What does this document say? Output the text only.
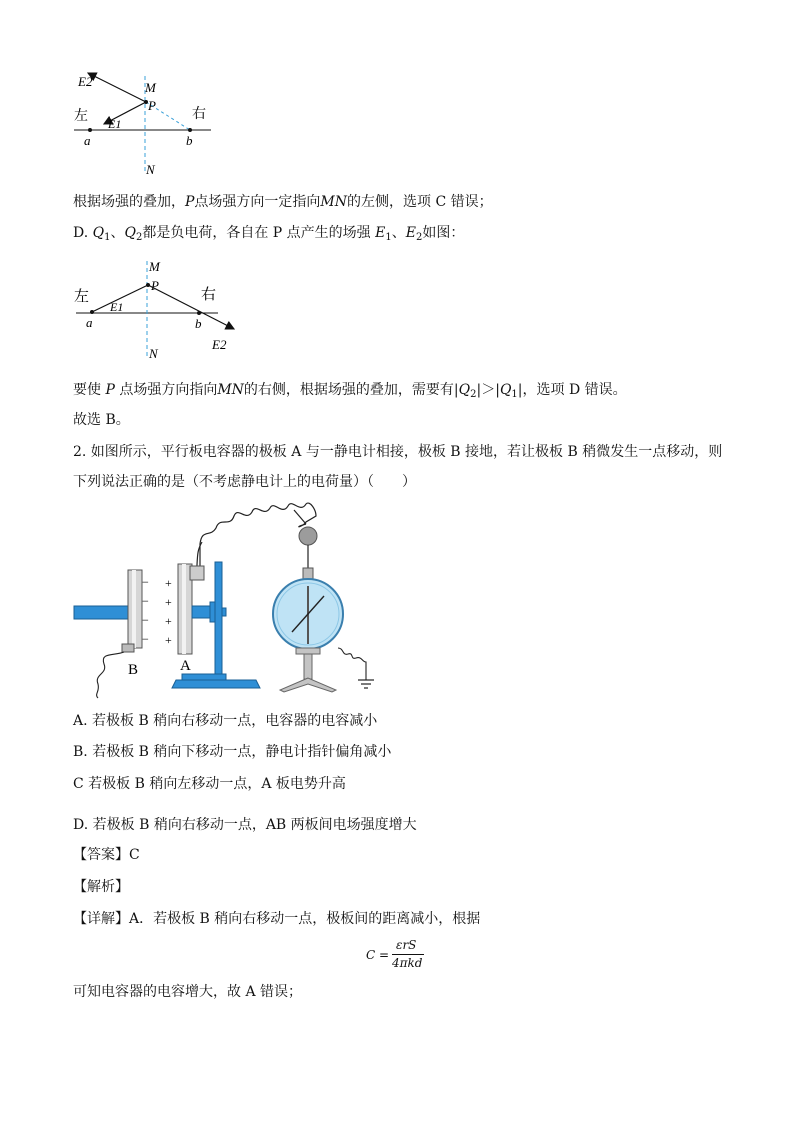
E2	M
P
左	右
E1
a	b
N
根据场强的叠加，P点场强方向一定指向MN的左侧，选项 C 错误；
D. $Q_1$、$Q_2$都是负电荷，各自在 P 点产生的场强 $E_1$、$E_2$如图：
M
P
左	右
E1
a	b
N
E2
要使 P 点场强方向指向MN的右侧，根据场强的叠加，需要有$|Q_2|>|Q_1|$，选项 D 错误。
故选 B。
2. 如图所示，平行板电容器的极板 A 与一静电计相接，极板 B 接地，若让极板 B 稍微发生一点移动，则
下列说法正确的是（不考虑静电计上的电荷量）（　　）
B
−
−
−
−
+
+
+
+
A
A. 若极板 B 稍向右移动一点，电容器的电容减小
B. 若极板 B 稍向下移动一点，静电计指针偏角减小
C 若极板 B 稍向左移动一点，A 板电势升高
D. 若极板 B 稍向右移动一点，AB 两板间电场强度增大
【答案】C
【解析】
【详解】A．若极板 B 稍向右移动一点，极板间的距离减小，根据
C =
εrS
4πkd
可知电容器的电容增大，故 A 错误；
